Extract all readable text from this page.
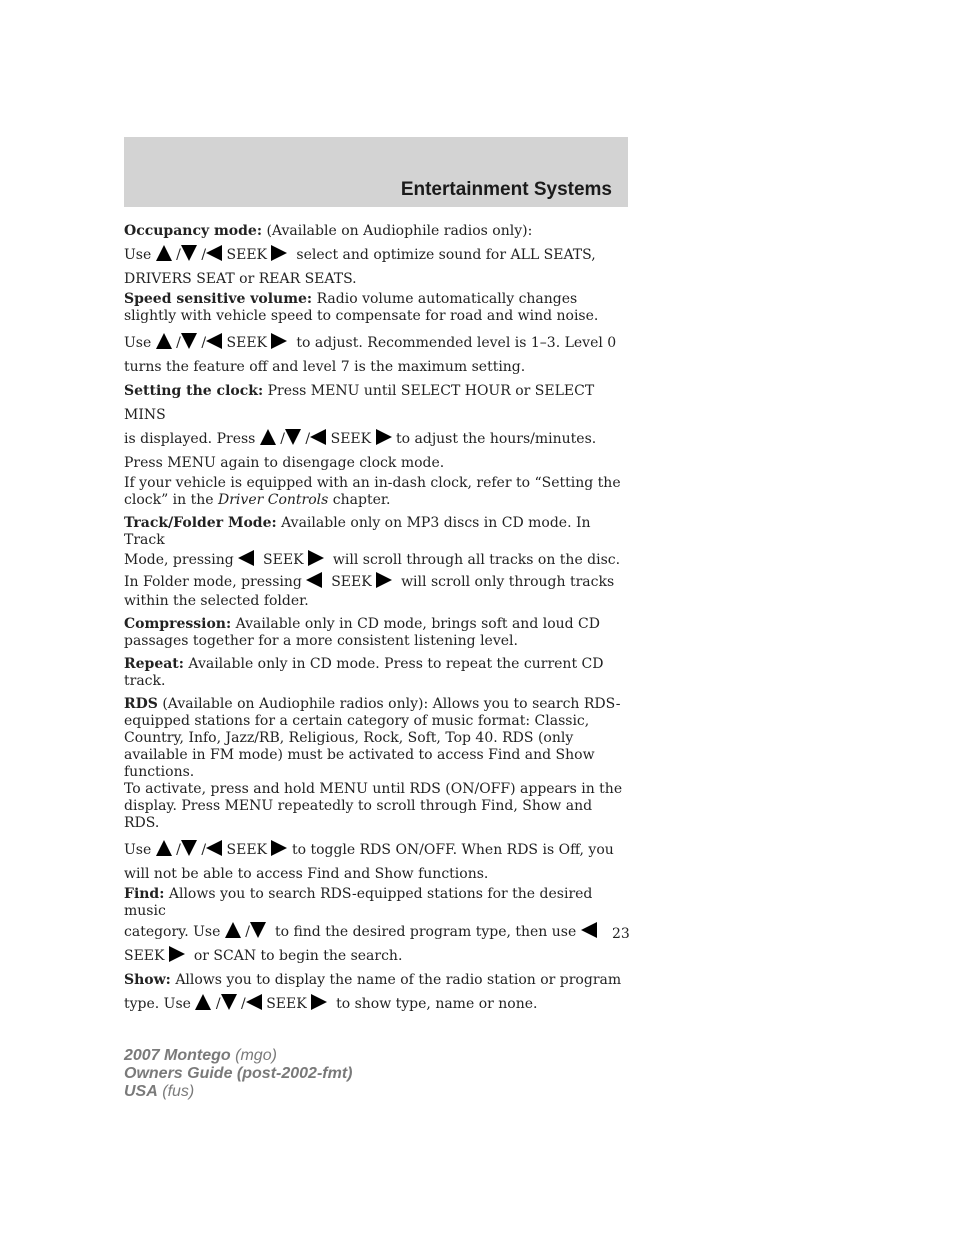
Entertainment Systems

Occupancy mode: (Available on Audiophile radios only):

Use
/
/ SEEK select and optimize sound for ALL SEATS,

DRIVERS SEAT or REAR SEATS.

Speed sensitive volume: Radio volume automatically changes slightly with vehicle speed to compensate for road and wind noise.

Use
/
/ SEEK to adjust. Recommended level is 1–3. Level 0

turns the feature off and level 7 is the maximum setting.

Setting the clock: Press MENU until SELECT HOUR or SELECT MINS

is displayed. Press
/
/ SEEK to adjust the hours/minutes.

Press MENU again to disengage clock mode.

If your vehicle is equipped with an in-dash clock, refer to “Setting the clock” in the Driver Controls chapter.

Track/Folder Mode: Available only on MP3 discs in CD mode. In Track

Mode, pressing SEEK will scroll through all tracks on the disc.

In Folder mode, pressing SEEK will scroll only through tracks

within the selected folder.

Compression: Available only in CD mode, brings soft and loud CD passages together for a more consistent listening level.

Repeat: Available only in CD mode. Press to repeat the current CD track.

RDS (Available on Audiophile radios only): Allows you to search RDS-equipped stations for a certain category of music format: Classic, Country, Info, Jazz/RB, Religious, Rock, Soft, Top 40. RDS (only available in FM mode) must be activated to access Find and Show functions.

To activate, press and hold MENU until RDS (ON/OFF) appears in the display. Press MENU repeatedly to scroll through Find, Show and RDS.

Use
/
/ SEEK to toggle RDS ON/OFF. When RDS is Off, you

will not be able to access Find and Show functions.

Find: Allows you to search RDS-equipped stations for the desired music

category. Use
/ to find the desired program type, then use

SEEK or SCAN to begin the search.

Show: Allows you to display the name of the radio station or program

type. Use
/
/ SEEK to show type, name or none.

23
2007 Montego (mgo)
Owners Guide (post-2002-fmt)
USA (fus)
